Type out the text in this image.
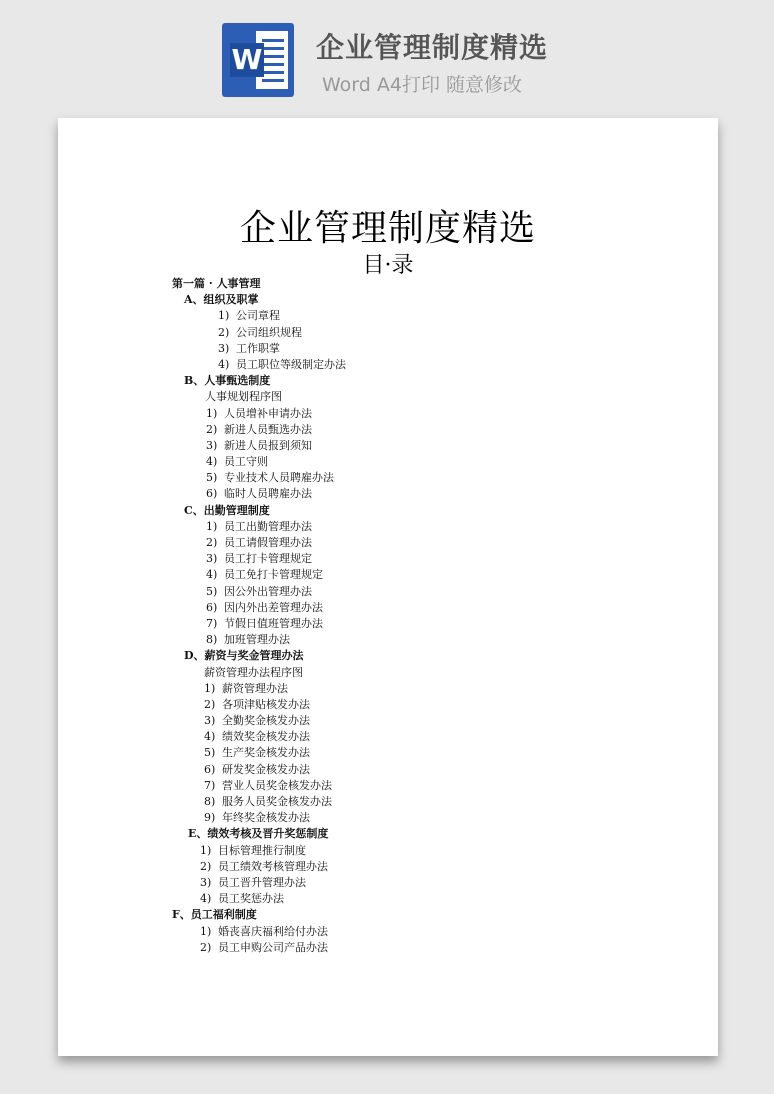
W 企业管理制度精选
Word A4打印 随意修改
企业管理制度精选
目·录
第一篇 · 人事管理
A、组织及职掌
1) 公司章程
2) 公司组织规程
3) 工作职掌
4) 员工职位等级制定办法
B、人事甄选制度
人事规划程序图
1) 人员增补申请办法
2) 新进人员甄选办法
3) 新进人员报到须知
4) 员工守则
5) 专业技术人员聘雇办法
6) 临时人员聘雇办法
C、出勤管理制度
1) 员工出勤管理办法
2) 员工请假管理办法
3) 员工打卡管理规定
4) 员工免打卡管理规定
5) 因公外出管理办法
6) 因内外出差管理办法
7) 节假日值班管理办法
8) 加班管理办法
D、薪资与奖金管理办法
薪资管理办法程序图
1) 薪资管理办法
2) 各项津贴核发办法
3) 全勤奖金核发办法
4) 绩效奖金核发办法
5) 生产奖金核发办法
6) 研发奖金核发办法
7) 营业人员奖金核发办法
8) 服务人员奖金核发办法
9) 年终奖金核发办法
E、绩效考核及晋升奖惩制度
1) 目标管理推行制度
2) 员工绩效考核管理办法
3) 员工晋升管理办法
4) 员工奖惩办法
F、员工福利制度
1) 婚丧喜庆福利给付办法
2) 员工申购公司产品办法
